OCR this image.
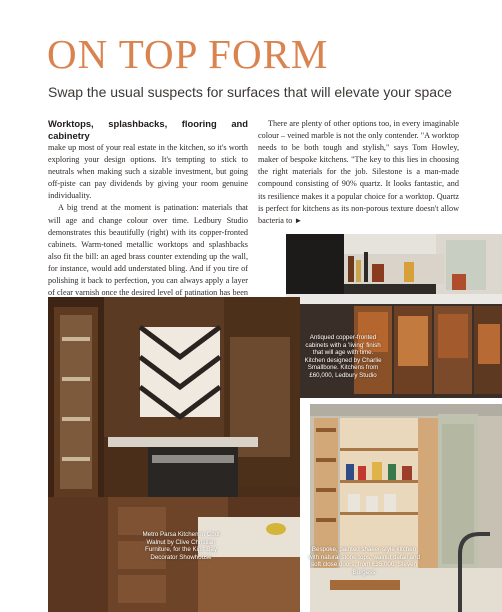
ON TOP FORM
Swap the usual suspects for surfaces that will elevate your space
Worktops, splashbacks, flooring and cabinetry

make up most of your real estate in the kitchen, so it's worth exploring your design options. It's tempting to stick to neutrals when making such a sizable investment, but going off-piste can pay dividends by giving your room genuine individuality.

A big trend at the moment is patination: materials that will age and change colour over time. Ledbury Studio demonstrates this beautifully (right) with its copper-fronted cabinets. Warm-toned metallic worktops and splashbacks also fit the bill: an aged brass counter extending up the wall, for instance, would add understated bling. And if you tire of polishing it back to perfection, you can always apply a layer of clear varnish once the desired level of patination has been

There are plenty of other options too, in every imaginable colour – veined marble is not the only contender. "A worktop needs to be both tough and stylish," says Tom Howley, maker of bespoke kitchens. "The key to this lies in choosing the right materials for the job. Silestone is a man-made compound consisting of 90% quartz. It looks fantastic, and its resilience makes it a popular choice for a worktop. Quartz is perfect for kitchens as its non-porous texture doesn't allow bacteria to ►

Antiqued copper-fronted cabinets with a 'living' finish that will age with time. Kitchen designed by Charlie Smallbone. Kitchens from £60,000, Ledbury Studio
Metro Parsa Kitchen in Cool Walnut by Clive Christian Furniture, for the Kips Bay Decorator Showhouse
Bespoke, painted shaker-style kitchen with natural stone tops, walnut detail and soft close doors, from £35,000, Steven Burgess
